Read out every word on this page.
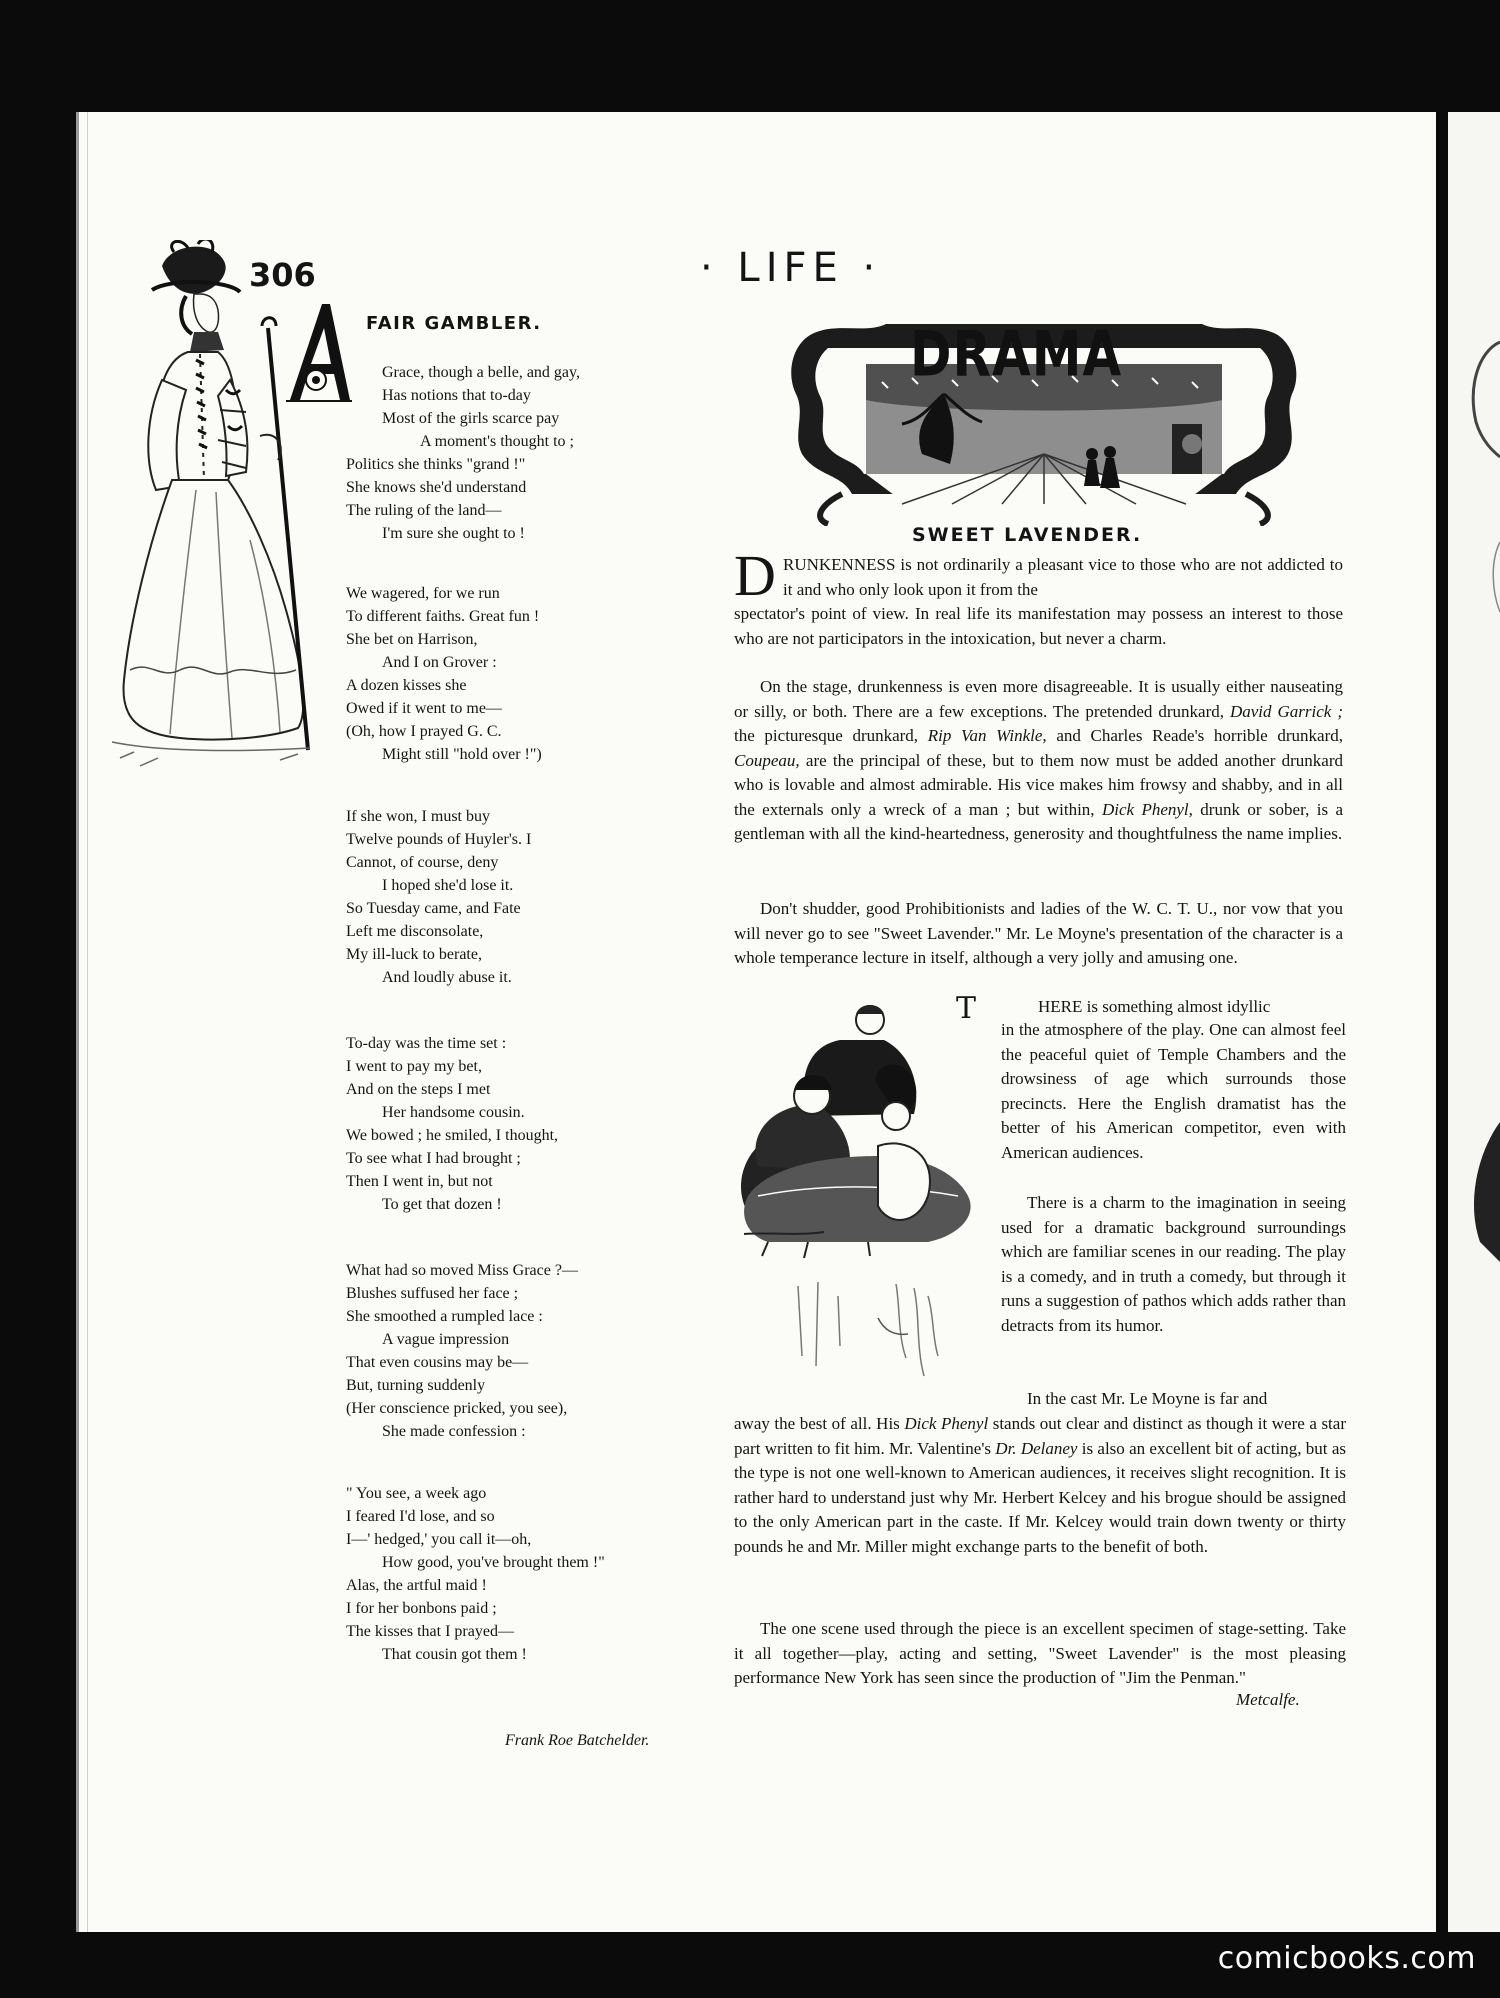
306	· LIFE ·
FAIR GAMBLER.
Grace, though a belle, and gay,
Has notions that to-day
Most of the girls scarce pay
A moment's thought to ;
Politics she thinks "grand !"
She knows she'd understand
The ruling of the land—
I'm sure she ought to !
We wagered, for we run
To different faiths. Great fun !
She bet on Harrison,
And I on Grover :
A dozen kisses she
Owed if it went to me—
(Oh, how I prayed G. C.
Might still "hold over !")
If she won, I must buy
Twelve pounds of Huyler's. I
Cannot, of course, deny
I hoped she'd lose it.
So Tuesday came, and Fate
Left me disconsolate,
My ill-luck to berate,
And loudly abuse it.
To-day was the time set :
I went to pay my bet,
And on the steps I met
Her handsome cousin.
We bowed ; he smiled, I thought,
To see what I had brought ;
Then I went in, but not
To get that dozen !
What had so moved Miss Grace ?—
Blushes suffused her face ;
She smoothed a rumpled lace :
A vague impression
That even cousins may be—
But, turning suddenly
(Her conscience pricked, you see),
She made confession :
" You see, a week ago
I feared I'd lose, and so
I—' hedged,' you call it—oh,
How good, you've brought them !"
Alas, the artful maid !
I for her bonbons paid ;
The kisses that I prayed—
That cousin got them !
Frank Roe Batchelder.
DRAMA
SWEET LAVENDER.
D RUNKENNESS is not ordinarily a pleasant vice to those who are not addicted to it and who only look upon it from the

spectator's point of view. In real life its manifestation may possess an interest to those who are not participators in the intoxication, but never a charm.

On the stage, drunkenness is even more disagreeable. It is usually either nauseating or silly, or both. There are a few exceptions. The pretended drunkard, David Garrick ; the picturesque drunkard, Rip Van Winkle, and Charles Reade's horrible drunkard, Coupeau, are the principal of these, but to them now must be added another drunkard who is lovable and almost admirable. His vice makes him frowsy and shabby, and in all the externals only a wreck of a man ; but within, Dick Phenyl, drunk or sober, is a gentleman with all the kind-heartedness, generosity and thoughtfulness the name implies.

Don't shudder, good Prohibitionists and ladies of the W. C. T. U., nor vow that you will never go to see "Sweet Lavender." Mr. Le Moyne's presentation of the character is a whole temperance lecture in itself, although a very jolly and amusing one.

T	HERE is something almost idyllic

in the atmosphere of the play. One can almost feel the peaceful quiet of Temple Chambers and the drowsiness of age which surrounds those precincts. Here the English dramatist has the better of his American competitor, even with American audiences.

There is a charm to the imagination in seeing used for a dramatic background surroundings which are familiar scenes in our reading. The play is a comedy, and in truth a comedy, but through it runs a suggestion of pathos which adds rather than detracts from its humor.

In the cast Mr. Le Moyne is far and

away the best of all. His Dick Phenyl stands out clear and distinct as though it were a star part written to fit him. Mr. Valentine's Dr. Delaney is also an excellent bit of acting, but as the type is not one well-known to American audiences, it receives slight recognition. It is rather hard to understand just why Mr. Herbert Kelcey and his brogue should be assigned to the only American part in the caste. If Mr. Kelcey would train down twenty or thirty pounds he and Mr. Miller might exchange parts to the benefit of both.

The one scene used through the piece is an excellent specimen of stage-setting. Take it all together—play, acting and setting, "Sweet Lavender" is the most pleasing performance New York has seen since the production of "Jim the Penman."

Metcalfe.
comicbooks.com
